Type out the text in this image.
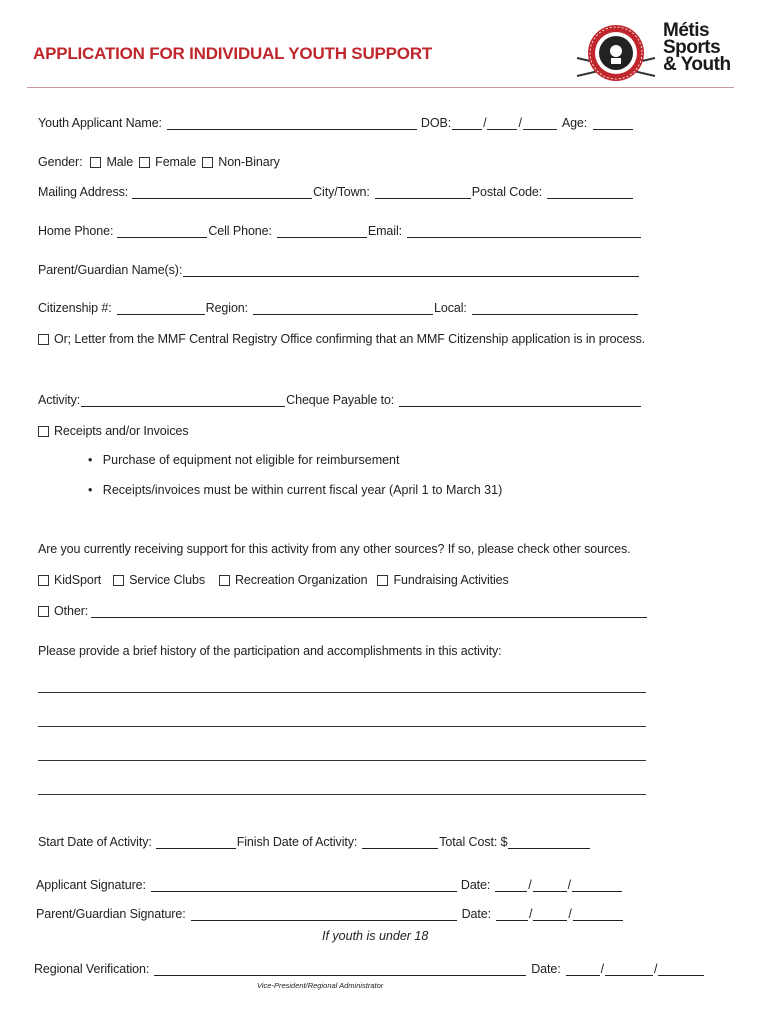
APPLICATION FOR INDIVIDUAL YOUTH SUPPORT
Métis
Sports
& Youth
Youth Applicant Name:	DOB:	/	/	Age:
Gender: Male Female Non-Binary
Mailing Address:	City/Town:	Postal Code:
Home Phone:	Cell Phone:	Email:
Parent/Guardian Name(s):
Citizenship #:	Region:	Local:
Or; Letter from the MMF Central Registry Office confirming that an MMF Citizenship application is in process.
Activity:	Cheque Payable to:
Receipts and/or Invoices
•   Purchase of equipment not eligible for reimbursement
•   Receipts/invoices must be within current fiscal year (April 1 to March 31)
Are you currently receiving support for this activity from any other sources? If so, please check other sources.
KidSport Service Clubs Recreation Organization Fundraising Activities
Other:
Please provide a brief history of the participation and accomplishments in this activity:
Start Date of Activity:	Finish Date of Activity:	Total Cost: $
Applicant Signature:	Date:	/	/
Parent/Guardian Signature:	Date:	/	/
If youth is under 18
Regional Verification:	Date:	/	/
Vice-President/Regional Administrator
